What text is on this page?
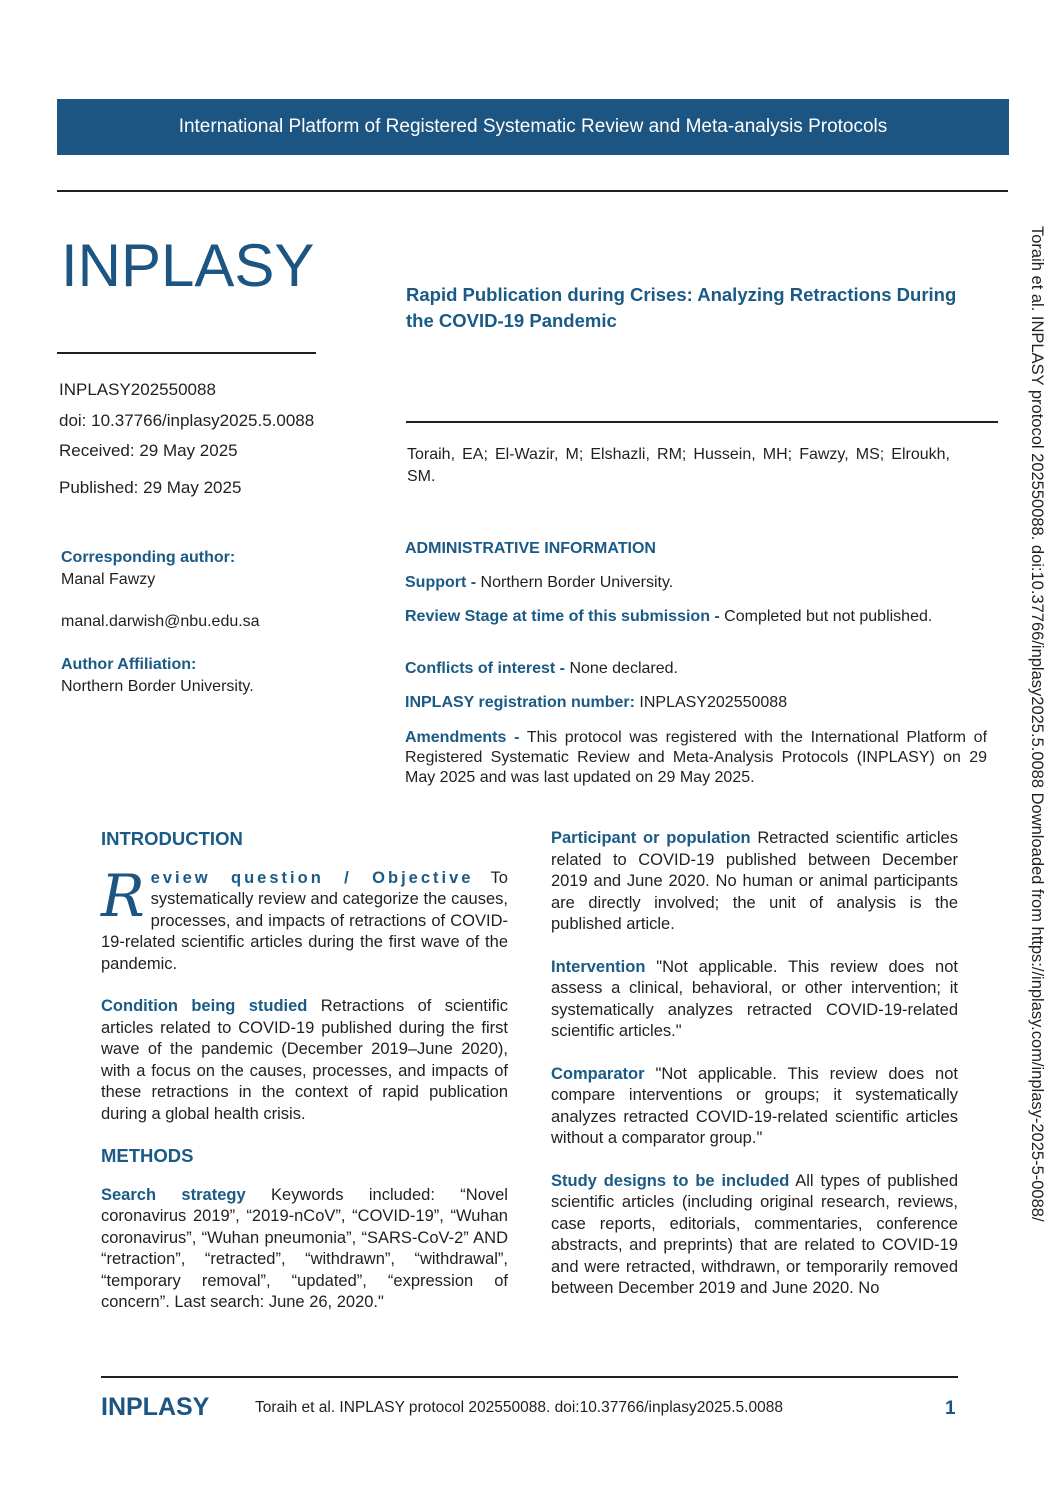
International Platform of Registered Systematic Review and Meta-analysis Protocols
INPLASY	Rapid Publication during Crises: Analyzing Retractions During the COVID-19 Pandemic
INPLASY202550088
doi: 10.37766/inplasy2025.5.0088
Received: 29 May 2025
Published: 29 May 2025
Toraih, EA; El-Wazir, M; Elshazli, RM; Hussein, MH; Fawzy, MS; Elroukh, SM.
Corresponding author:
Manal Fawzy
manal.darwish@nbu.edu.sa
Author Affiliation:
Northern Border University.
ADMINISTRATIVE INFORMATION
Support - Northern Border University.
Review Stage at time of this submission - Completed but not published.
Conflicts of interest - None declared.
INPLASY registration number: INPLASY202550088
Amendments - This protocol was registered with the International Platform of Registered Systematic Review and Meta-Analysis Protocols (INPLASY) on 29 May 2025 and was last updated on 29 May 2025.
INTRODUCTION

Review question / Objective To systematically review and categorize the causes, processes, and impacts of retractions of COVID-19-related scientific articles during the first wave of the pandemic.

Condition being studied Retractions of scientific articles related to COVID-19 published during the first wave of the pandemic (December 2019–June 2020), with a focus on the causes, processes, and impacts of these retractions in the context of rapid publication during a global health crisis.

METHODS

Search strategy Keywords included: “Novel coronavirus 2019”, “2019-nCoV”, “COVID-19”, “Wuhan coronavirus”, “Wuhan pneumonia”, “SARS-CoV-2” AND “retraction”, “retracted”, “withdrawn”, “withdrawal”, “temporary removal”, “updated”, “expression of concern”. Last search: June 26, 2020."

Participant or population Retracted scientific articles related to COVID-19 published between December 2019 and June 2020. No human or animal participants are directly involved; the unit of analysis is the published article.

Intervention "Not applicable. This review does not assess a clinical, behavioral, or other intervention; it systematically analyzes retracted COVID-19-related scientific articles."

Comparator "Not applicable. This review does not compare interventions or groups; it systematically analyzes retracted COVID-19-related scientific articles without a comparator group."

Study designs to be included All types of published scientific articles (including original research, reviews, case reports, editorials, commentaries, conference abstracts, and preprints) that are related to COVID-19 and were retracted, withdrawn, or temporarily removed between December 2019 and June 2020. No

Toraih et al. INPLASY protocol 202550088. doi:10.37766/inplasy2025.5.0088 Downloaded from https://inplasy.com/inplasy-2025-5-0088/
INPLASY	Toraih et al. INPLASY protocol 202550088. doi:10.37766/inplasy2025.5.0088	1
